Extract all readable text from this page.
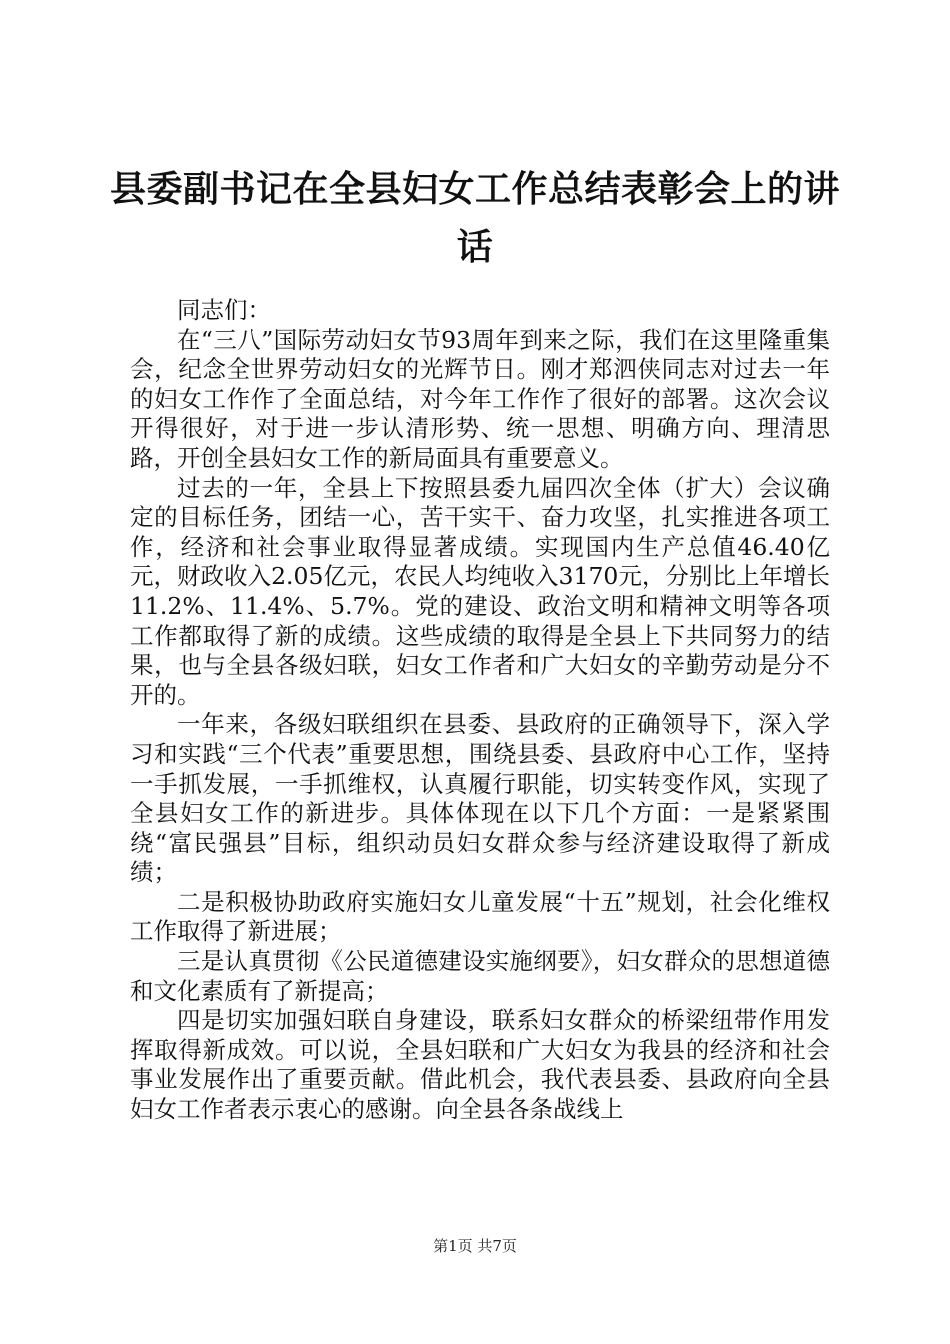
县委副书记在全县妇女工作总结表彰会上的讲话

同志们：

在“三八”国际劳动妇女节93周年到来之际，我们在这里隆重集会，纪念全世界劳动妇女的光辉节日。刚才郑泗侠同志对过去一年的妇女工作作了全面总结，对今年工作作了很好的部署。这次会议开得很好，对于进一步认清形势、统一思想、明确方向、理清思路，开创全县妇女工作的新局面具有重要意义。

过去的一年，全县上下按照县委九届四次全体（扩大）会议确定的目标任务，团结一心，苦干实干、奋力攻坚，扎实推进各项工作，经济和社会事业取得显著成绩。实现国内生产总值46.40亿元，财政收入2.05亿元，农民人均纯收入3170元，分别比上年增长11.2%、11.4%、5.7%。党的建设、政治文明和精神文明等各项工作都取得了新的成绩。这些成绩的取得是全县上下共同努力的结果，也与全县各级妇联，妇女工作者和广大妇女的辛勤劳动是分不开的。

一年来，各级妇联组织在县委、县政府的正确领导下，深入学习和实践“三个代表”重要思想，围绕县委、县政府中心工作，坚持一手抓发展，一手抓维权，认真履行职能，切实转变作风，实现了全县妇女工作的新进步。具体体现在以下几个方面：一是紧紧围绕“富民强县”目标，组织动员妇女群众参与经济建设取得了新成绩；

二是积极协助政府实施妇女儿童发展“十五”规划，社会化维权工作取得了新进展；

三是认真贯彻《公民道德建设实施纲要》，妇女群众的思想道德和文化素质有了新提高；

四是切实加强妇联自身建设，联系妇女群众的桥梁纽带作用发挥取得新成效。可以说，全县妇联和广大妇女为我县的经济和社会事业发展作出了重要贡献。借此机会，我代表县委、县政府向全县妇女工作者表示衷心的感谢。向全县各条战线上

第1页 共7页
